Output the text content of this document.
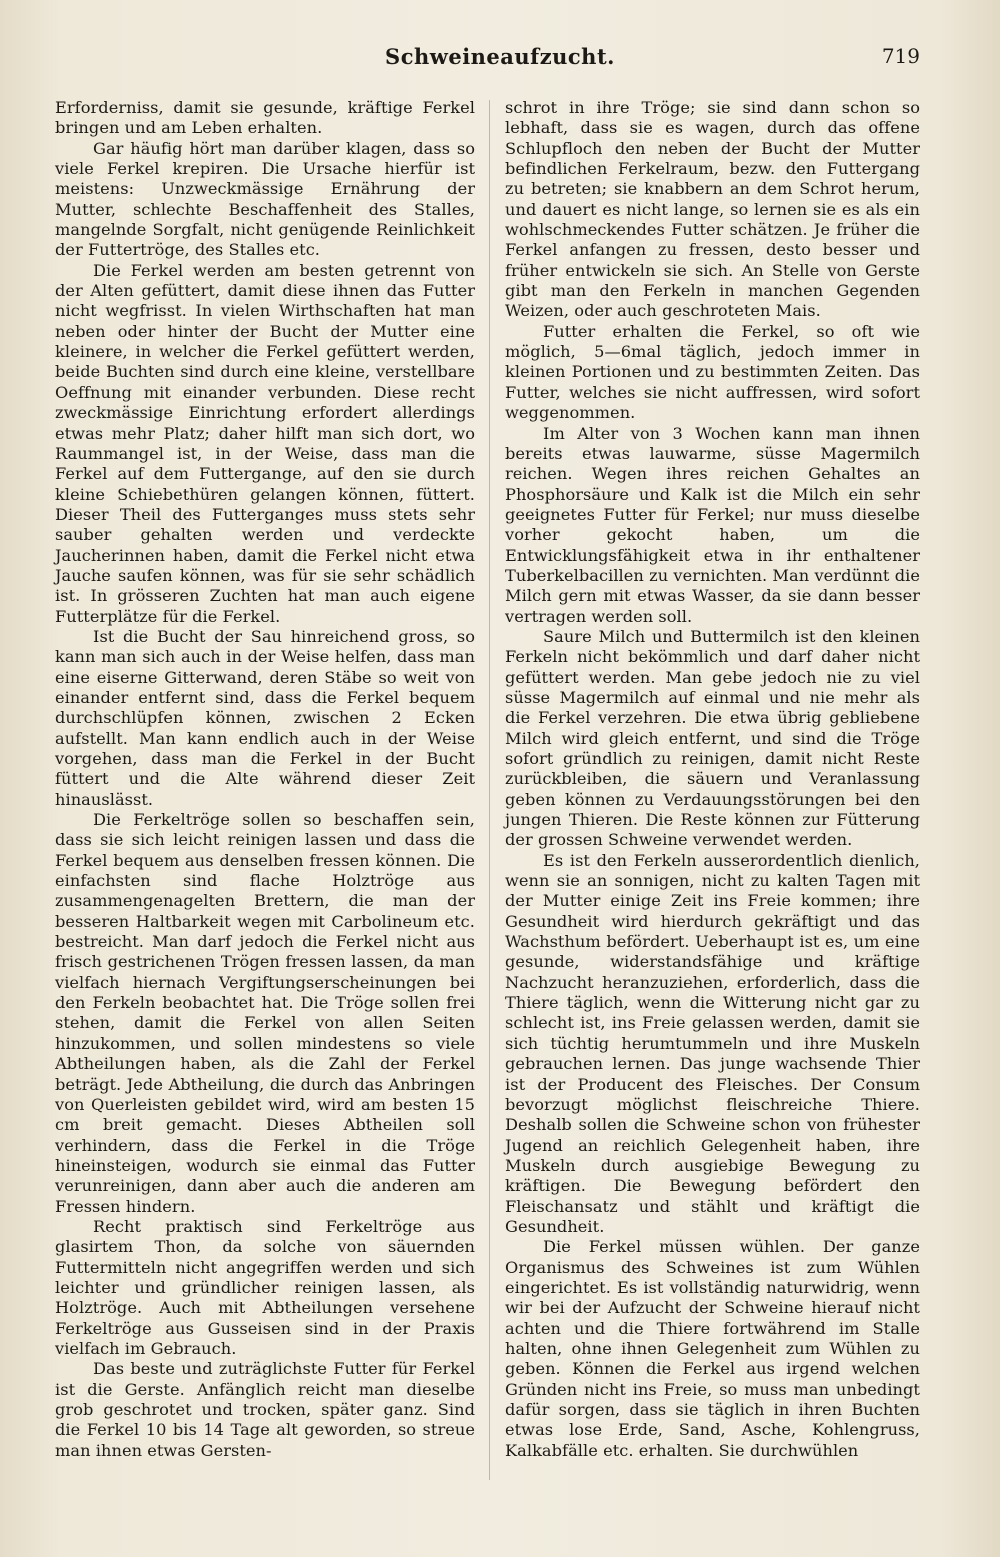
Schweineaufzucht.	719

Erforderniss, damit sie gesunde, kräftige Ferkel bringen und am Leben erhalten.

Gar häufig hört man darüber klagen, dass so viele Ferkel krepiren. Die Ursache hierfür ist meistens: Unzweckmässige Ernährung der Mutter, schlechte Beschaffenheit des Stalles, mangelnde Sorgfalt, nicht genügende Reinlichkeit der Futtertröge, des Stalles etc.

Die Ferkel werden am besten getrennt von der Alten gefüttert, damit diese ihnen das Futter nicht wegfrisst. In vielen Wirthschaften hat man neben oder hinter der Bucht der Mutter eine kleinere, in welcher die Ferkel gefüttert werden, beide Buchten sind durch eine kleine, verstellbare Oeffnung mit einander verbunden. Diese recht zweckmässige Einrichtung erfordert allerdings etwas mehr Platz; daher hilft man sich dort, wo Raummangel ist, in der Weise, dass man die Ferkel auf dem Futtergange, auf den sie durch kleine Schiebethüren gelangen können, füttert. Dieser Theil des Futterganges muss stets sehr sauber gehalten werden und verdeckte Jaucherinnen haben, damit die Ferkel nicht etwa Jauche saufen können, was für sie sehr schädlich ist. In grösseren Zuchten hat man auch eigene Futterplätze für die Ferkel.

Ist die Bucht der Sau hinreichend gross, so kann man sich auch in der Weise helfen, dass man eine eiserne Gitterwand, deren Stäbe so weit von einander entfernt sind, dass die Ferkel bequem durchschlüpfen können, zwischen 2 Ecken aufstellt. Man kann endlich auch in der Weise vorgehen, dass man die Ferkel in der Bucht füttert und die Alte während dieser Zeit hinauslässt.

Die Ferkeltröge sollen so beschaffen sein, dass sie sich leicht reinigen lassen und dass die Ferkel bequem aus denselben fressen können. Die einfachsten sind flache Holztröge aus zusammengenagelten Brettern, die man der besseren Haltbarkeit wegen mit Carbolineum etc. bestreicht. Man darf jedoch die Ferkel nicht aus frisch gestrichenen Trögen fressen lassen, da man vielfach hiernach Vergiftungserscheinungen bei den Ferkeln beobachtet hat. Die Tröge sollen frei stehen, damit die Ferkel von allen Seiten hinzukommen, und sollen mindestens so viele Abtheilungen haben, als die Zahl der Ferkel beträgt. Jede Abtheilung, die durch das Anbringen von Querleisten gebildet wird, wird am besten 15 cm breit gemacht. Dieses Abtheilen soll verhindern, dass die Ferkel in die Tröge hineinsteigen, wodurch sie einmal das Futter verunreinigen, dann aber auch die anderen am Fressen hindern.

Recht praktisch sind Ferkeltröge aus glasirtem Thon, da solche von säuernden Futtermitteln nicht angegriffen werden und sich leichter und gründlicher reinigen lassen, als Holztröge. Auch mit Abtheilungen versehene Ferkeltröge aus Gusseisen sind in der Praxis vielfach im Gebrauch.

Das beste und zuträglichste Futter für Ferkel ist die Gerste. Anfänglich reicht man dieselbe grob geschrotet und trocken, später ganz. Sind die Ferkel 10 bis 14 Tage alt geworden, so streue man ihnen etwas Gersten-

schrot in ihre Tröge; sie sind dann schon so lebhaft, dass sie es wagen, durch das offene Schlupfloch den neben der Bucht der Mutter befindlichen Ferkelraum, bezw. den Futtergang zu betreten; sie knabbern an dem Schrot herum, und dauert es nicht lange, so lernen sie es als ein wohlschmeckendes Futter schätzen. Je früher die Ferkel anfangen zu fressen, desto besser und früher entwickeln sie sich. An Stelle von Gerste gibt man den Ferkeln in manchen Gegenden Weizen, oder auch geschroteten Mais.

Futter erhalten die Ferkel, so oft wie möglich, 5—6mal täglich, jedoch immer in kleinen Portionen und zu bestimmten Zeiten. Das Futter, welches sie nicht auffressen, wird sofort weggenommen.

Im Alter von 3 Wochen kann man ihnen bereits etwas lauwarme, süsse Magermilch reichen. Wegen ihres reichen Gehaltes an Phosphorsäure und Kalk ist die Milch ein sehr geeignetes Futter für Ferkel; nur muss dieselbe vorher gekocht haben, um die Entwicklungsfähigkeit etwa in ihr enthaltener Tuberkelbacillen zu vernichten. Man verdünnt die Milch gern mit etwas Wasser, da sie dann besser vertragen werden soll.

Saure Milch und Buttermilch ist den kleinen Ferkeln nicht bekömmlich und darf daher nicht gefüttert werden. Man gebe jedoch nie zu viel süsse Magermilch auf einmal und nie mehr als die Ferkel verzehren. Die etwa übrig gebliebene Milch wird gleich entfernt, und sind die Tröge sofort gründlich zu reinigen, damit nicht Reste zurückbleiben, die säuern und Veranlassung geben können zu Verdauungsstörungen bei den jungen Thieren. Die Reste können zur Fütterung der grossen Schweine verwendet werden.

Es ist den Ferkeln ausserordentlich dienlich, wenn sie an sonnigen, nicht zu kalten Tagen mit der Mutter einige Zeit ins Freie kommen; ihre Gesundheit wird hierdurch gekräftigt und das Wachsthum befördert. Ueberhaupt ist es, um eine gesunde, widerstandsfähige und kräftige Nachzucht heranzuziehen, erforderlich, dass die Thiere täglich, wenn die Witterung nicht gar zu schlecht ist, ins Freie gelassen werden, damit sie sich tüchtig herumtummeln und ihre Muskeln gebrauchen lernen. Das junge wachsende Thier ist der Producent des Fleisches. Der Consum bevorzugt möglichst fleischreiche Thiere. Deshalb sollen die Schweine schon von frühester Jugend an reichlich Gelegenheit haben, ihre Muskeln durch ausgiebige Bewegung zu kräftigen. Die Bewegung befördert den Fleischansatz und stählt und kräftigt die Gesundheit.

Die Ferkel müssen wühlen. Der ganze Organismus des Schweines ist zum Wühlen eingerichtet. Es ist vollständig naturwidrig, wenn wir bei der Aufzucht der Schweine hierauf nicht achten und die Thiere fortwährend im Stalle halten, ohne ihnen Gelegenheit zum Wühlen zu geben. Können die Ferkel aus irgend welchen Gründen nicht ins Freie, so muss man unbedingt dafür sorgen, dass sie täglich in ihren Buchten etwas lose Erde, Sand, Asche, Kohlengruss, Kalkabfälle etc. erhalten. Sie durchwühlen
